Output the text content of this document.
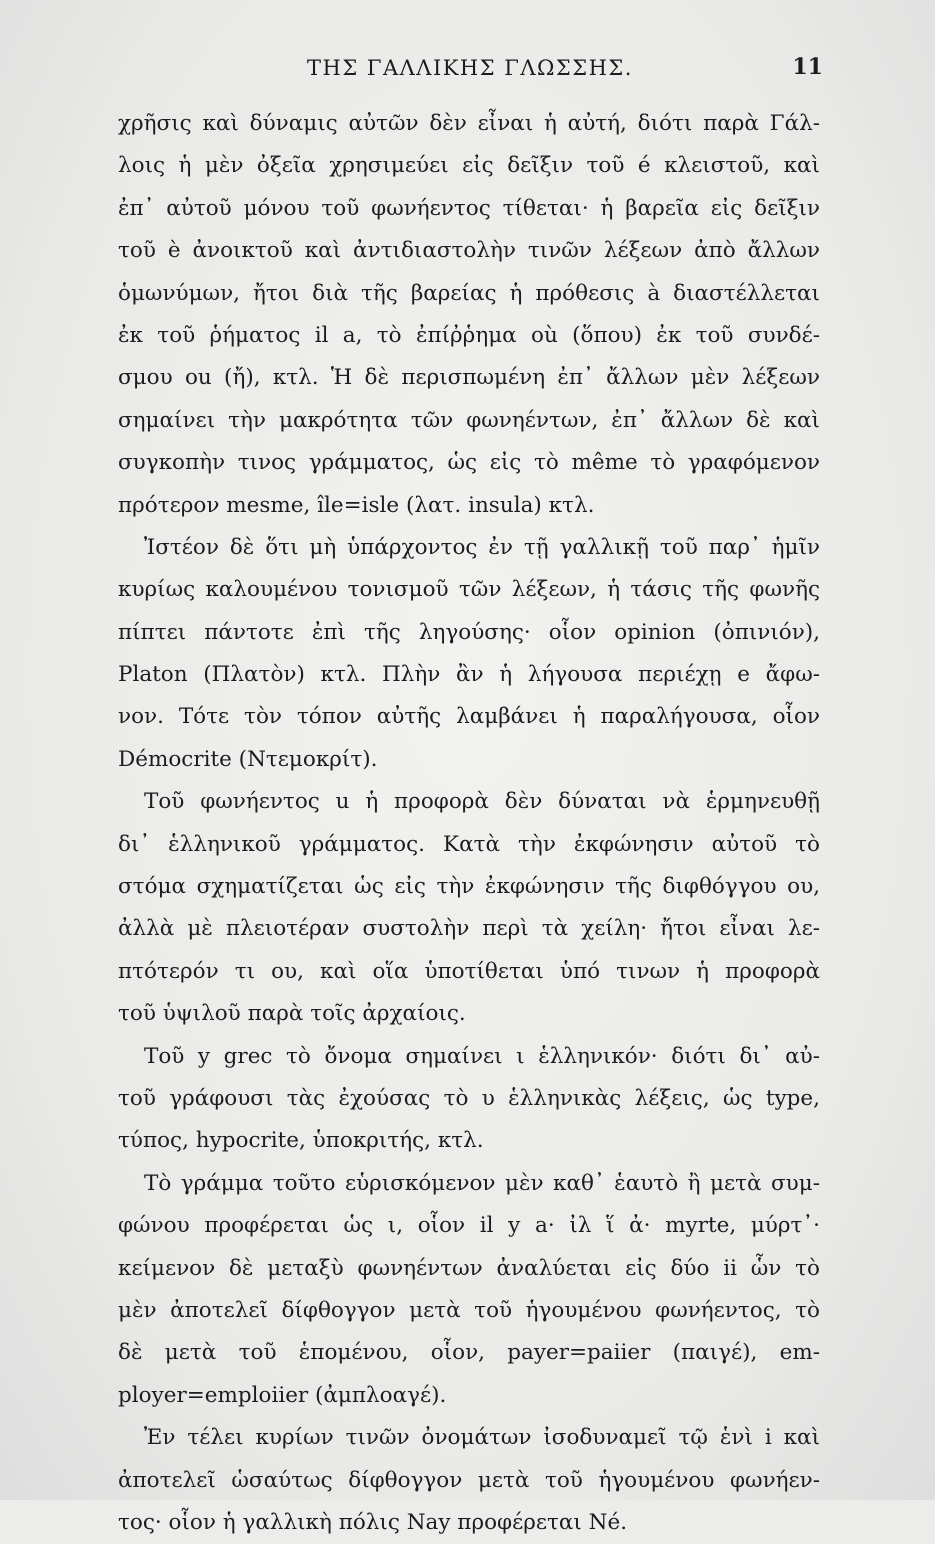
ΤΗΣ ΓΑΛΛΙΚΗΣ ΓΛΩΣΣΗΣ.	11
χρῆσις καὶ δύναμις αὐτῶν δὲν εἶναι ἡ αὐτή, διότι παρὰ Γάλ-
λοις ἡ μὲν ὀξεῖα χρησιμεύει εἰς δεῖξιν τοῦ é κλειστοῦ, καὶ
ἐπ᾽ αὐτοῦ μόνου τοῦ φωνήεντος τίθεται· ἡ βαρεῖα εἰς δεῖξιν
τοῦ è ἀνοικτοῦ καὶ ἀντιδιαστολὴν τινῶν λέξεων ἀπὸ ἄλλων
ὁμωνύμων, ἤτοι διὰ τῆς βαρείας ἡ πρόθεσις à διαστέλλεται
ἐκ τοῦ ῥήματος il a, τὸ ἐπίῤῥημα où (ὅπου) ἐκ τοῦ συνδέ-
σμου ou (ἤ), κτλ. Ἡ δὲ περισπωμένη ἐπ᾽ ἄλλων μὲν λέξεων
σημαίνει τὴν μακρότητα τῶν φωνηέντων, ἐπ᾽ ἄλλων δὲ καὶ
συγκοπὴν τινος γράμματος, ὡς εἰς τὸ même τὸ γραφόμενον
πρότερον mesme, île=isle (λατ. insula) κτλ.
Ἰστέον δὲ ὅτι μὴ ὑπάρχοντος ἐν τῇ γαλλικῇ τοῦ παρ᾽ ἡμῖν
κυρίως καλουμένου τονισμοῦ τῶν λέξεων, ἡ τάσις τῆς φωνῆς
πίπτει πάντοτε ἐπὶ τῆς ληγούσης· οἷον opinion (ὀπινιόν),
Platon (Πλατὸν) κτλ. Πλὴν ἂν ἡ λήγουσα περιέχῃ e ἄφω-
νον. Τότε τὸν τόπον αὐτῆς λαμβάνει ἡ παραλήγουσα, οἷον
Démocrite (Ντεμοκρίτ).
Τοῦ φωνήεντος u ἡ προφορὰ δὲν δύναται νὰ ἑρμηνευθῇ
δι᾽ ἑλληνικοῦ γράμματος. Κατὰ τὴν ἐκφώνησιν αὐτοῦ τὸ
στόμα σχηματίζεται ὡς εἰς τὴν ἐκφώνησιν τῆς διφθόγγου ου,
ἀλλὰ μὲ πλειοτέραν συστολὴν περὶ τὰ χείλη· ἤτοι εἶναι λε-
πτότερόν τι ου, καὶ οἵα ὑποτίθεται ὑπό τινων ἡ προφορὰ
τοῦ ὑψιλοῦ παρὰ τοῖς ἀρχαίοις.
Τοῦ y grec τὸ ὄνομα σημαίνει ι ἑλληνικόν· διότι δι᾽ αὐ-
τοῦ γράφουσι τὰς ἐχούσας τὸ υ ἑλληνικὰς λέξεις, ὡς type,
τύπος, hypocrite, ὑποκριτής, κτλ.
Τὸ γράμμα τοῦτο εὑρισκόμενον μὲν καθ᾽ ἑαυτὸ ἢ μετὰ συμ-
φώνου προφέρεται ὡς ι, οἷον il y a· ἰλ ἵ ἀ· myrte, μύρτ᾽·
κείμενον δὲ μεταξὺ φωνηέντων ἀναλύεται εἰς δύο ii ὧν τὸ
μὲν ἀποτελεῖ δίφθογγον μετὰ τοῦ ἡγουμένου φωνήεντος, τὸ
δὲ μετὰ τοῦ ἑπομένου, οἷον, payer=paiier (παιγέ), em-
ployer=emploiier (ἀμπλοαγέ).
Ἐν τέλει κυρίων τινῶν ὀνομάτων ἰσοδυναμεῖ τῷ ἑνὶ i καὶ
ἀποτελεῖ ὡσαύτως δίφθογγον μετὰ τοῦ ἡγουμένου φωνήεν-
τος· οἷον ἡ γαλλικὴ πόλις Nay προφέρεται Né.
